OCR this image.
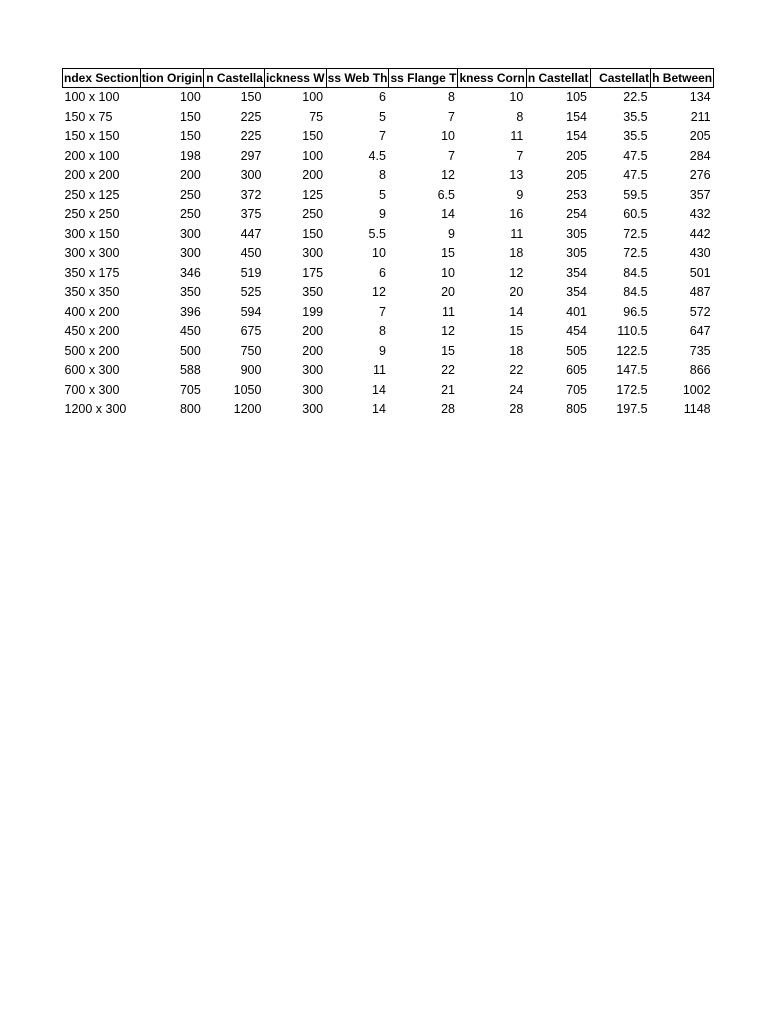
ndex Section	tion Origin	n Castella	ickness W	ss Web Th	ss Flange T	kness Corn	n Castellat	Castellat	h Between
100 x 100	100	150	100	6	8	10	105	22.5	134
150 x 75	150	225	75	5	7	8	154	35.5	211
150 x 150	150	225	150	7	10	11	154	35.5	205
200 x 100	198	297	100	4.5	7	7	205	47.5	284
200 x 200	200	300	200	8	12	13	205	47.5	276
250 x 125	250	372	125	5	6.5	9	253	59.5	357
250 x 250	250	375	250	9	14	16	254	60.5	432
300 x 150	300	447	150	5.5	9	11	305	72.5	442
300 x 300	300	450	300	10	15	18	305	72.5	430
350 x 175	346	519	175	6	10	12	354	84.5	501
350 x 350	350	525	350	12	20	20	354	84.5	487
400 x 200	396	594	199	7	11	14	401	96.5	572
450 x 200	450	675	200	8	12	15	454	110.5	647
500 x 200	500	750	200	9	15	18	505	122.5	735
600 x 300	588	900	300	11	22	22	605	147.5	866
700 x 300	705	1050	300	14	21	24	705	172.5	1002
1200 x 300	800	1200	300	14	28	28	805	197.5	1148
